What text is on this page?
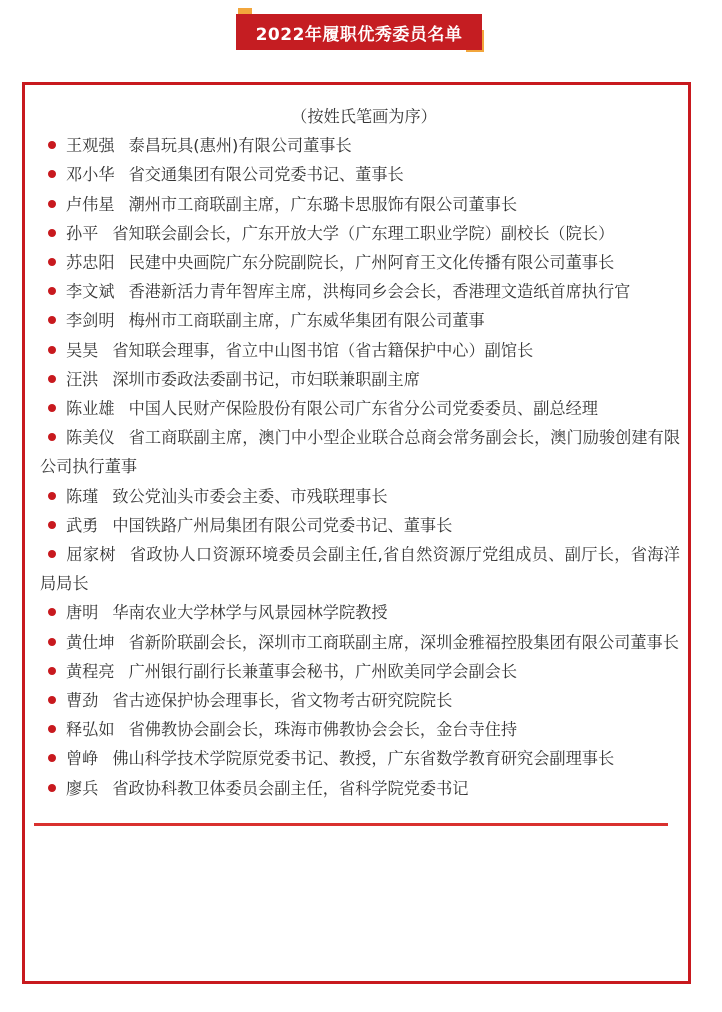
2022年履职优秀委员名单
（按姓氏笔画为序）

王观强 泰昌玩具(惠州)有限公司董事长

邓小华 省交通集团有限公司党委书记、董事长

卢伟星 潮州市工商联副主席，广东璐卡思服饰有限公司董事长

孙平 省知联会副会长，广东开放大学（广东理工职业学院）副校长（院长）

苏忠阳 民建中央画院广东分院副院长，广州阿育王文化传播有限公司董事长

李文斌 香港新活力青年智库主席，洪梅同乡会会长，香港理文造纸首席执行官

李剑明 梅州市工商联副主席，广东威华集团有限公司董事

吴昊 省知联会理事，省立中山图书馆（省古籍保护中心）副馆长

汪洪 深圳市委政法委副书记，市妇联兼职副主席

陈业雄 中国人民财产保险股份有限公司广东省分公司党委委员、副总经理

陈美仪 省工商联副主席，澳门中小型企业联合总商会常务副会长，澳门励骏创建有限公司执行董事

陈瑾 致公党汕头市委会主委、市残联理事长

武勇 中国铁路广州局集团有限公司党委书记、董事长

屈家树 省政协人口资源环境委员会副主任,省自然资源厅党组成员、副厅长，省海洋局局长

唐明 华南农业大学林学与风景园林学院教授

黄仕坤 省新阶联副会长，深圳市工商联副主席，深圳金雅福控股集团有限公司董事长

黄程亮 广州银行副行长兼董事会秘书，广州欧美同学会副会长

曹劲 省古迹保护协会理事长，省文物考古研究院院长

释弘如 省佛教协会副会长，珠海市佛教协会会长，金台寺住持

曾峥 佛山科学技术学院原党委书记、教授，广东省数学教育研究会副理事长

廖兵 省政协科教卫体委员会副主任，省科学院党委书记
